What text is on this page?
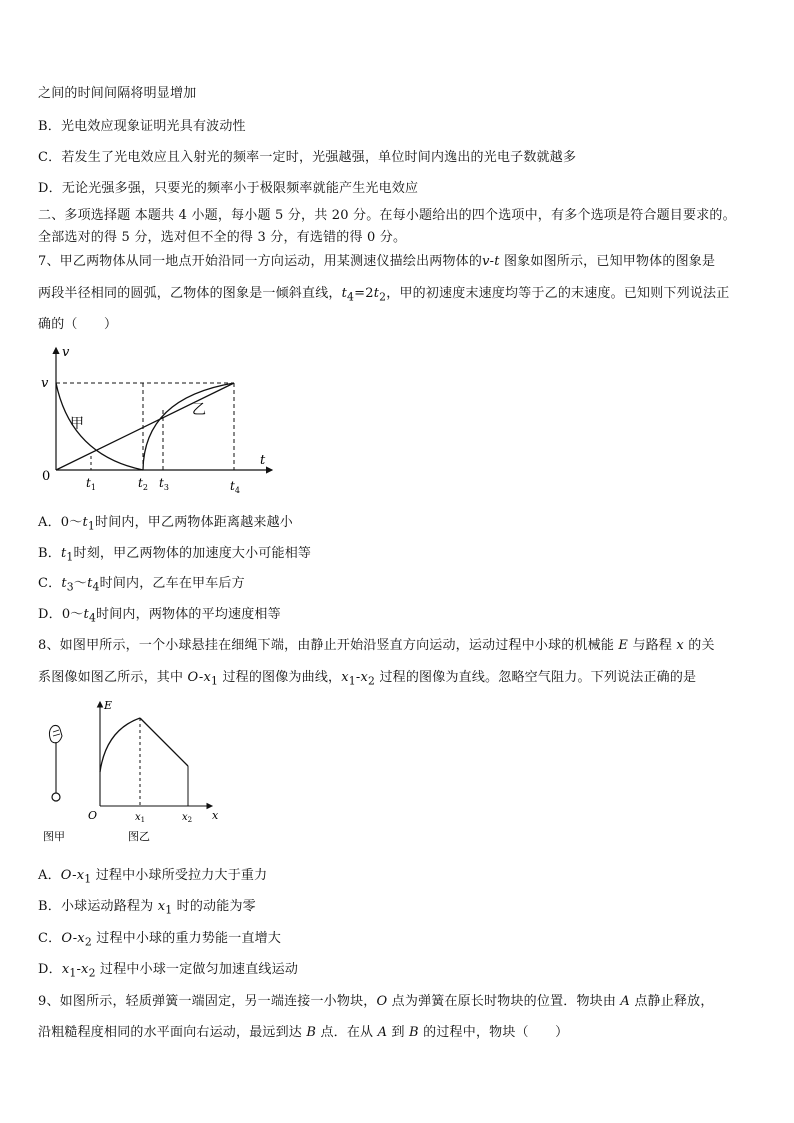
之间的时间间隔将明显增加
B．光电效应现象证明光具有波动性
C．若发生了光电效应且入射光的频率一定时，光强越强，单位时间内逸出的光电子数就越多
D．无论光强多强，只要光的频率小于极限频率就能产生光电效应
二、多项选择题 本题共 4 小题，每小题 5 分，共 20 分。在每小题给出的四个选项中，有多个选项是符合题目要求的。
全部选对的得 5 分，选对但不全的得 3 分，有选错的得 0 分。
7、甲乙两物体从同一地点开始沿同一方向运动，用某测速仪描绘出两物体的v-t 图象如图所示，已知甲物体的图象是
两段半径相同的圆弧，乙物体的图象是一倾斜直线，$t_4=2t_2$，甲的初速度末速度均等于乙的末速度。已知则下列说法正
确的（　　）
v
t
v
0
甲
乙
$t_1$	$t_2$ $t_3$	$t_4$
A．$0\sim t_1$时间内，甲乙两物体距离越来越小
B．$t_1$时刻，甲乙两物体的加速度大小可能相等
C．$t_3\sim t_4$时间内，乙车在甲车后方
D．$0\sim t_4$时间内，两物体的平均速度相等
8、如图甲所示，一个小球悬挂在细绳下端，由静止开始沿竖直方向运动，运动过程中小球的机械能 E 与路程 x 的关
系图像如图乙所示，其中 $O-x_1$ 过程的图像为曲线，$x_1-x_2$ 过程的图像为直线。忽略空气阻力。下列说法正确的是
图甲
E
x
O	$x_1$	$x_2$
图乙
A．$O-x_1$ 过程中小球所受拉力大于重力
B．小球运动路程为 $x_1$ 时的动能为零
C．$O-x_2$ 过程中小球的重力势能一直增大
D．$x_1-x_2$ 过程中小球一定做匀加速直线运动
9、如图所示，轻质弹簧一端固定，另一端连接一小物块，O 点为弹簧在原长时物块的位置．物块由 A 点静止释放，
沿粗糙程度相同的水平面向右运动，最远到达 B 点．在从 A 到 B 的过程中，物块（　　）
